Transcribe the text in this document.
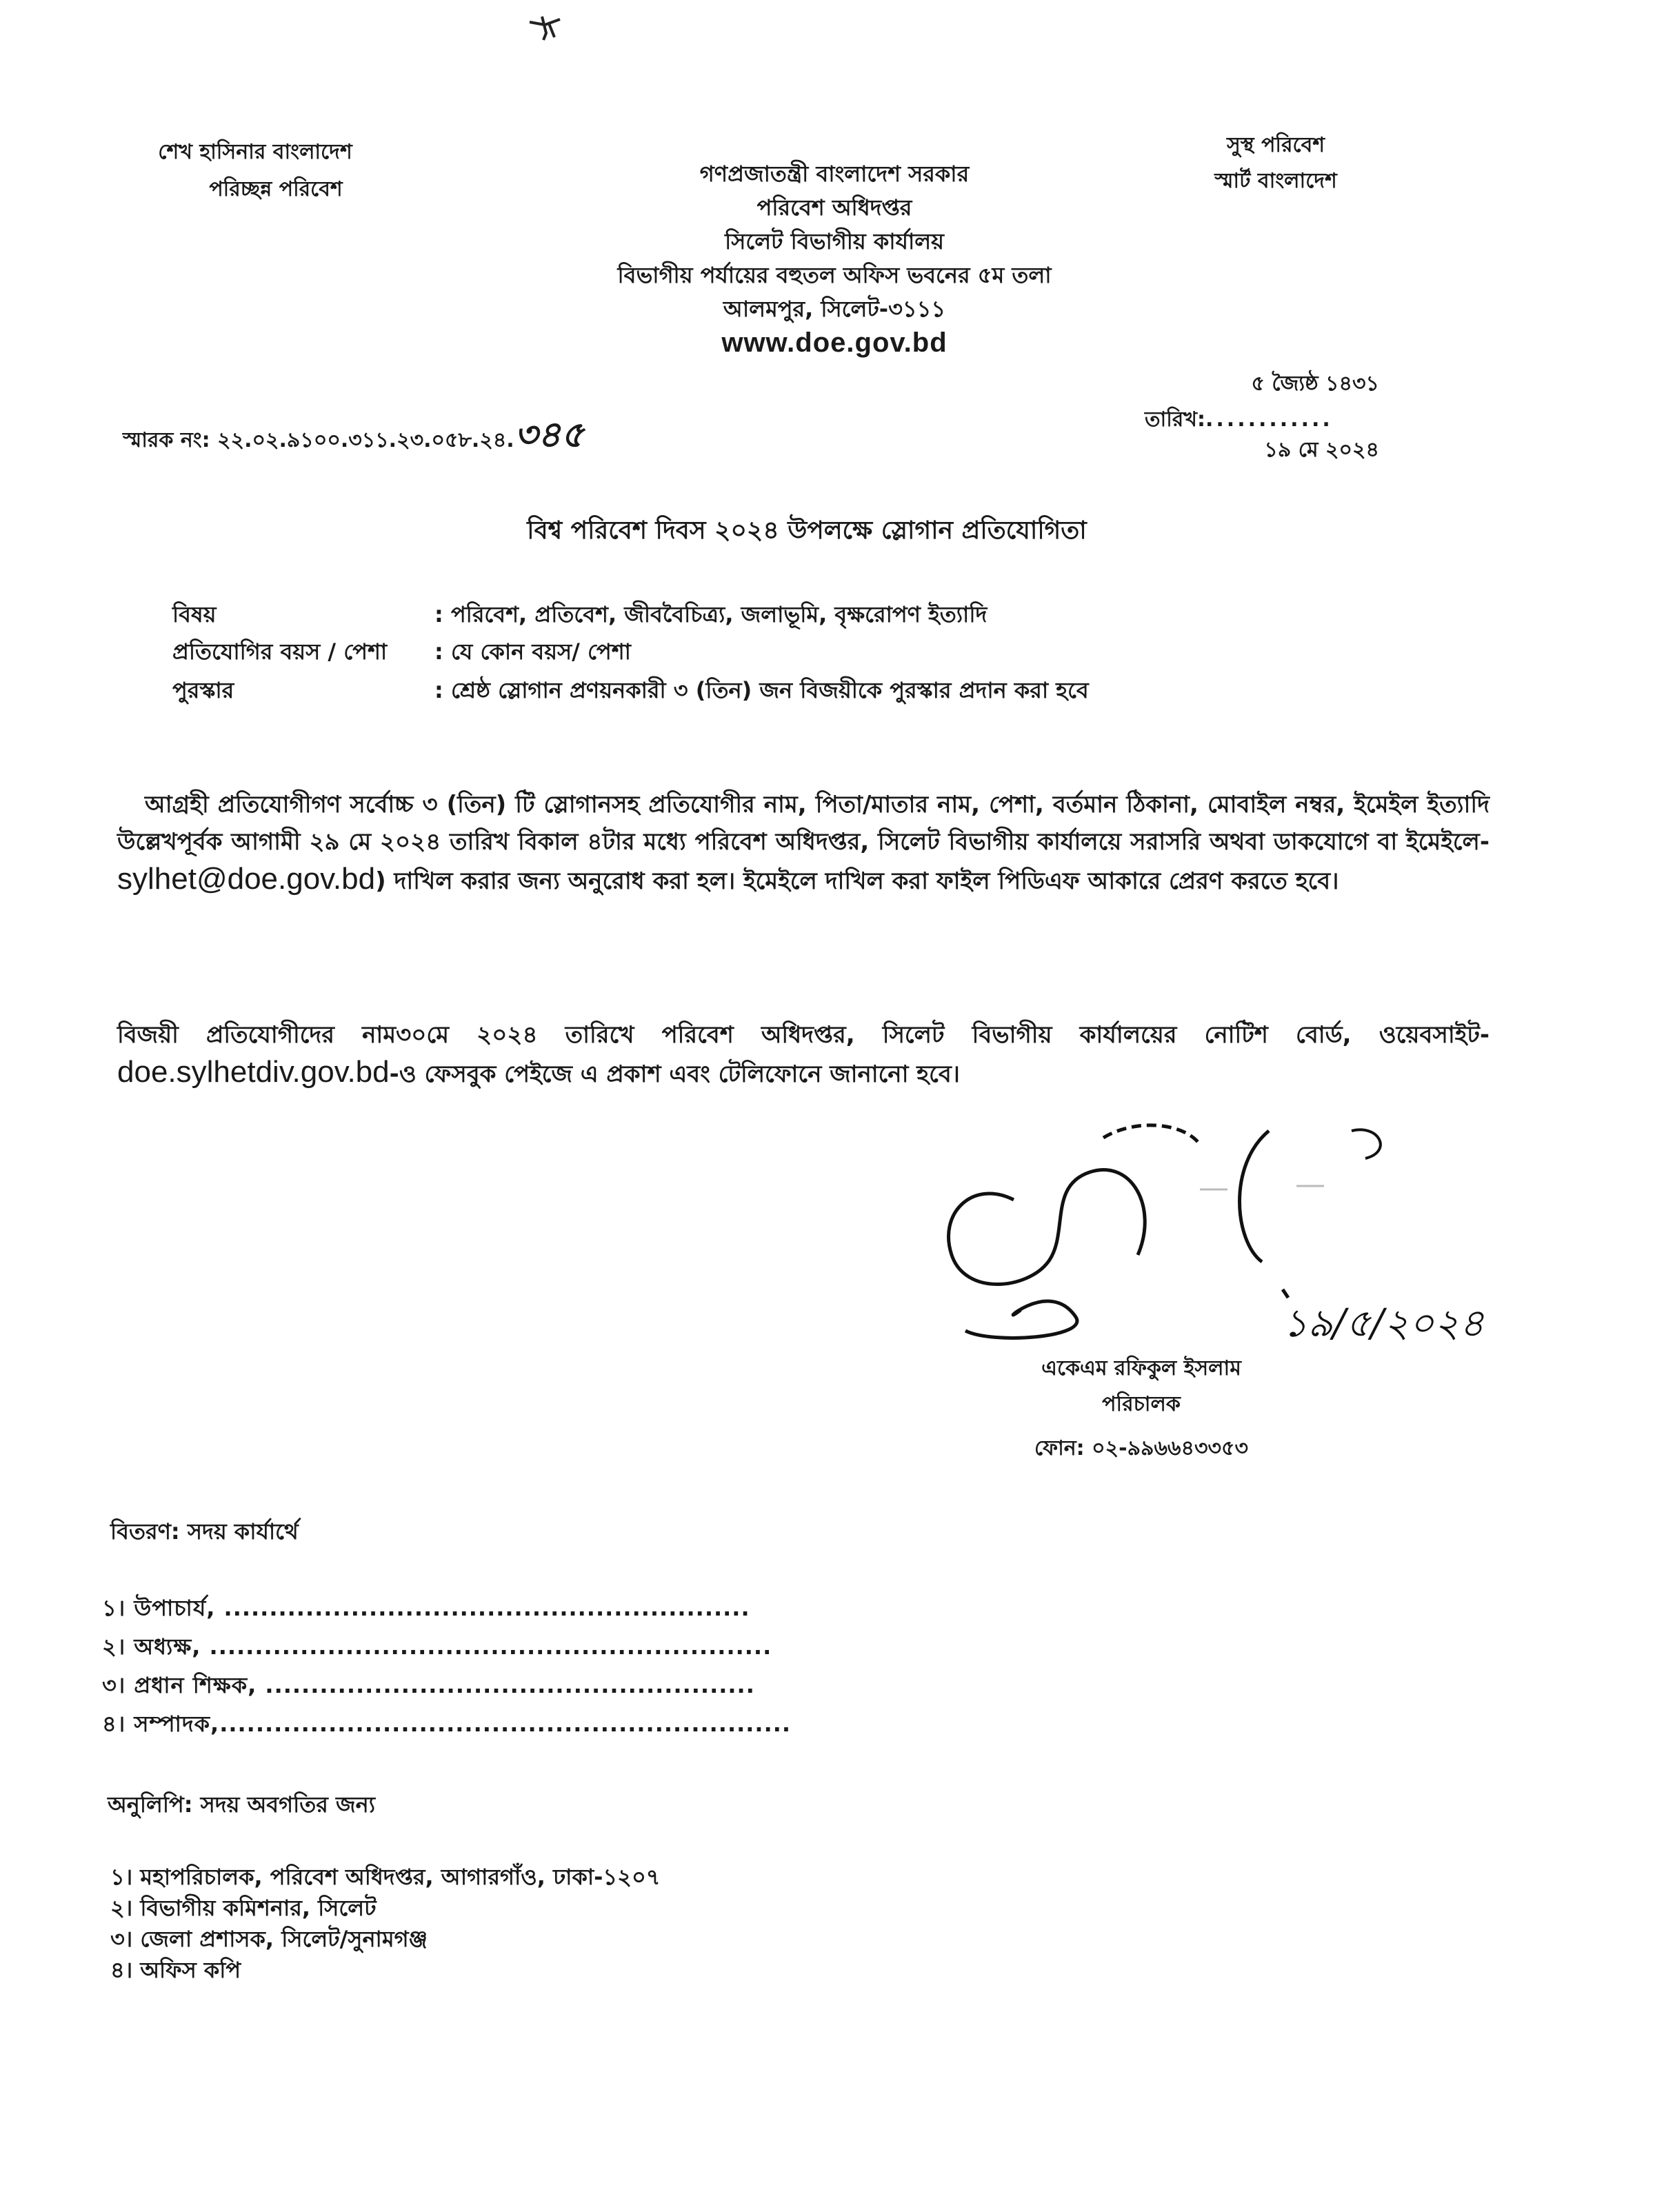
শেখ হাসিনার বাংলাদেশ
পরিচ্ছন্ন পরিবেশ
সুস্থ পরিবেশ
স্মার্ট বাংলাদেশ
গণপ্রজাতন্ত্রী বাংলাদেশ সরকার
পরিবেশ অধিদপ্তর
সিলেট বিভাগীয় কার্যালয়
বিভাগীয় পর্যায়ের বহুতল অফিস ভবনের ৫ম তলা
আলমপুর, সিলেট-৩১১১
www.doe.gov.bd
স্মারক নং: ২২.০২.৯১০০.৩১১.২৩.০৫৮.২৪.৩৪৫
৫ জ্যৈষ্ঠ ১৪৩১
তারিখ:............
১৯ মে ২০২৪
বিশ্ব পরিবেশ দিবস ২০২৪ উপলক্ষে স্লোগান প্রতিযোগিতা
বিষয়	: পরিবেশ, প্রতিবেশ, জীববৈচিত্র্য, জলাভূমি, বৃক্ষরোপণ ইত্যাদি
প্রতিযোগির বয়স / পেশা : যে কোন বয়স/ পেশা
পুরস্কার	: শ্রেষ্ঠ স্লোগান প্রণয়নকারী ৩ (তিন) জন বিজয়ীকে পুরস্কার প্রদান করা হবে
আগ্রহী প্রতিযোগীগণ সর্বোচ্চ ৩ (তিন) টি স্লোগানসহ প্রতিযোগীর নাম, পিতা/মাতার নাম, পেশা, বর্তমান ঠিকানা, মোবাইল নম্বর, ইমেইল ইত্যাদি উল্লেখপূর্বক আগামী ২৯ মে ২০২৪ তারিখ বিকাল ৪টার মধ্যে পরিবেশ অধিদপ্তর, সিলেট বিভাগীয় কার্যালয়ে সরাসরি অথবা ডাকযোগে বা ইমেইলে- sylhet@doe.gov.bd) দাখিল করার জন্য অনুরোধ করা হল। ইমেইলে দাখিল করা ফাইল পিডিএফ আকারে প্রেরণ করতে হবে।
বিজয়ী প্রতিযোগীদের নাম৩০মে ২০২৪ তারিখে পরিবেশ অধিদপ্তর, সিলেট বিভাগীয় কার্যালয়ের নোটিশ বোর্ড, ওয়েবসাইট- doe.sylhetdiv.gov.bd-ও ফেসবুক পেইজে এ প্রকাশ এবং টেলিফোনে জানানো হবে।
১৯/৫/২০২৪
একেএম রফিকুল ইসলাম
পরিচালক
ফোন: ০২-৯৯৬৬৪৩৩৫৩
বিতরণ: সদয় কার্যার্থে
১। উপাচার্য, ..........................................................
২। অধ্যক্ষ, ..............................................................
৩। প্রধান শিক্ষক, ......................................................
৪। সম্পাদক,...............................................................
অনুলিপি: সদয় অবগতির জন্য
১। মহাপরিচালক, পরিবেশ অধিদপ্তর, আগারগাঁও, ঢাকা-১২০৭
২। বিভাগীয় কমিশনার, সিলেট
৩। জেলা প্রশাসক, সিলেট/সুনামগঞ্জ
৪। অফিস কপি
